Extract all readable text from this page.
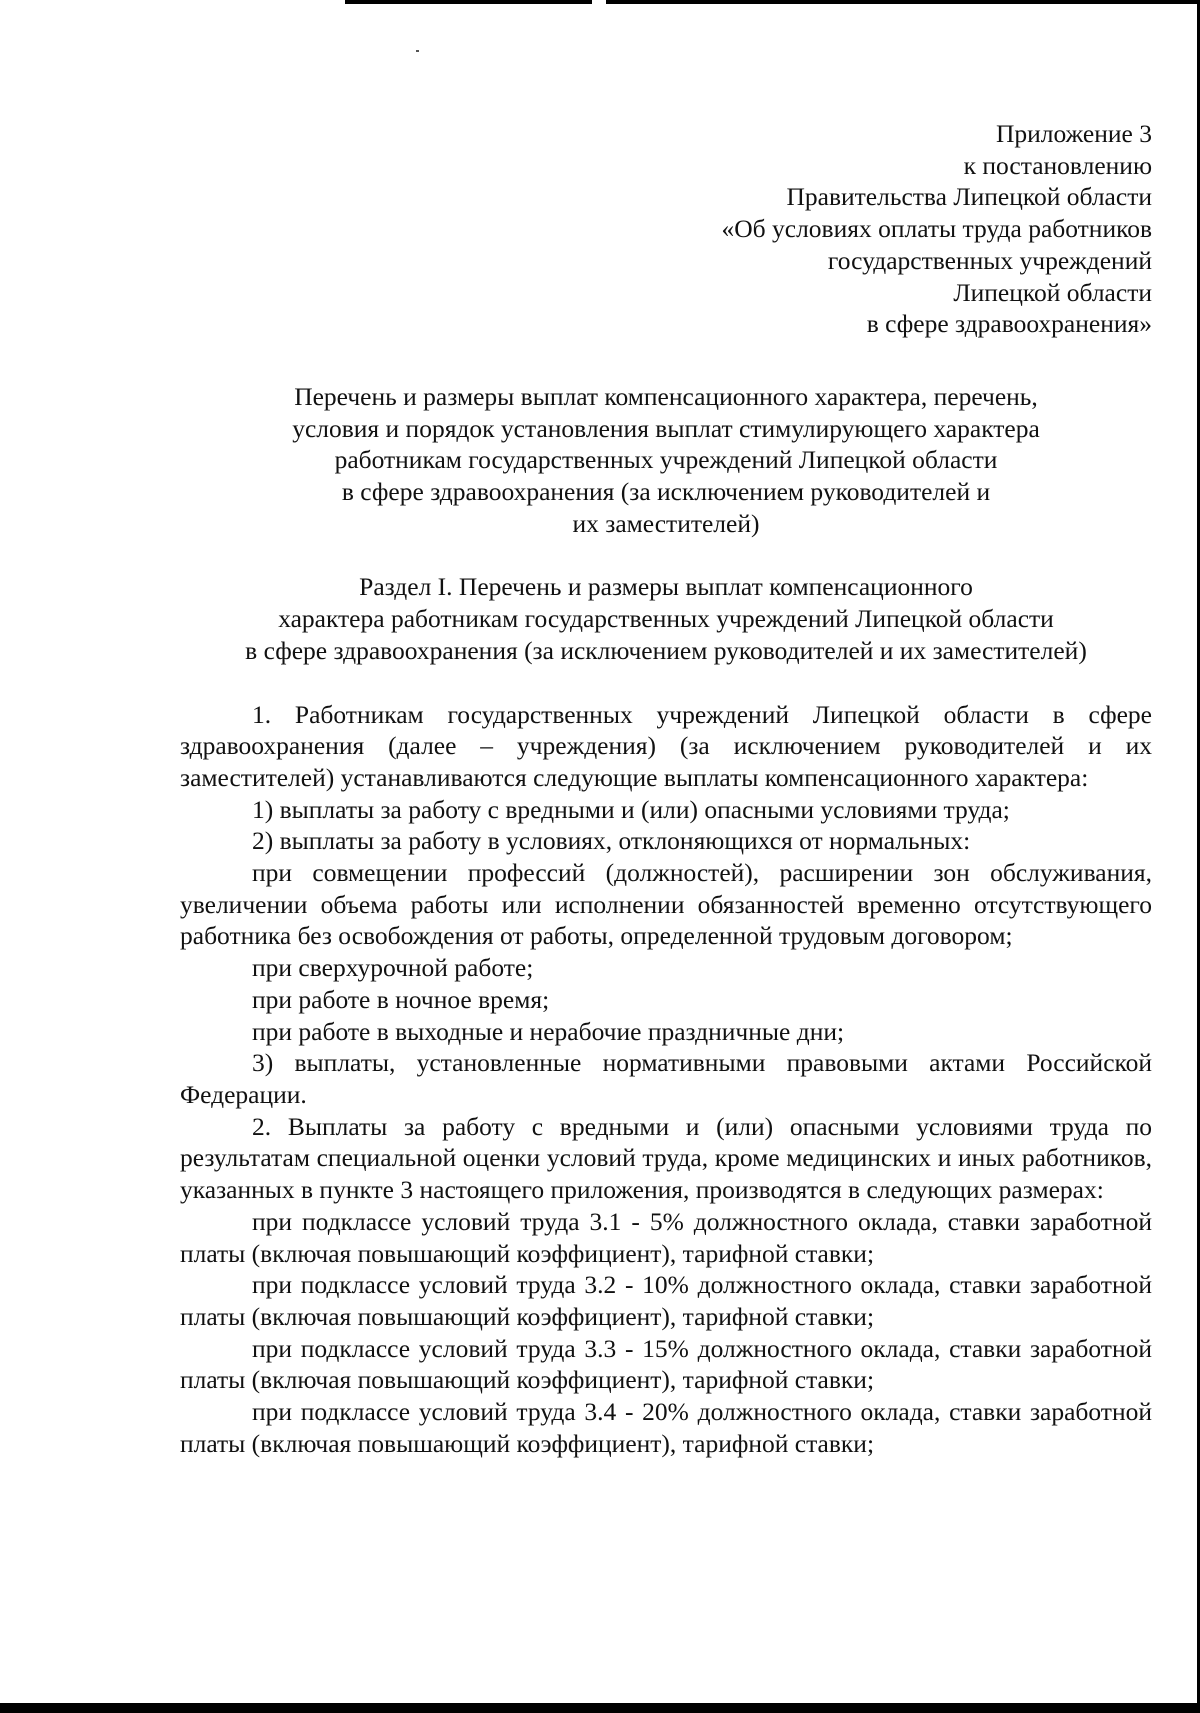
Приложение 3
к постановлению
Правительства Липецкой области
«Об условиях оплаты труда работников
государственных учреждений
Липецкой области
в сфере здравоохранения»
Перечень и размеры выплат компенсационного характера, перечень,
условия и порядок установления выплат стимулирующего характера
работникам государственных учреждений Липецкой области
в сфере здравоохранения (за исключением руководителей и
их заместителей)
Раздел I. Перечень и размеры выплат компенсационного
характера работникам государственных учреждений Липецкой области
в сфере здравоохранения (за исключением руководителей и их заместителей)

1. Работникам государственных учреждений Липецкой области в сфере здравоохранения (далее – учреждения) (за исключением руководителей и их заместителей) устанавливаются следующие выплаты компенсационного характера:

1) выплаты за работу с вредными и (или) опасными условиями труда;

2) выплаты за работу в условиях, отклоняющихся от нормальных:

при совмещении профессий (должностей), расширении зон обслуживания, увеличении объема работы или исполнении обязанностей временно отсутствующего работника без освобождения от работы, определенной трудовым договором;

при сверхурочной работе;

при работе в ночное время;

при работе в выходные и нерабочие праздничные дни;

3) выплаты, установленные нормативными правовыми актами Российской Федерации.

2. Выплаты за работу с вредными и (или) опасными условиями труда по результатам специальной оценки условий труда, кроме медицинских и иных работников, указанных в пункте 3 настоящего приложения, производятся в следующих размерах:

при подклассе условий труда 3.1 - 5% должностного оклада, ставки заработной платы (включая повышающий коэффициент), тарифной ставки;

при подклассе условий труда 3.2 - 10% должностного оклада, ставки заработной платы (включая повышающий коэффициент), тарифной ставки;

при подклассе условий труда 3.3 - 15% должностного оклада, ставки заработной платы (включая повышающий коэффициент), тарифной ставки;

при подклассе условий труда 3.4 - 20% должностного оклада, ставки заработной платы (включая повышающий коэффициент), тарифной ставки;
